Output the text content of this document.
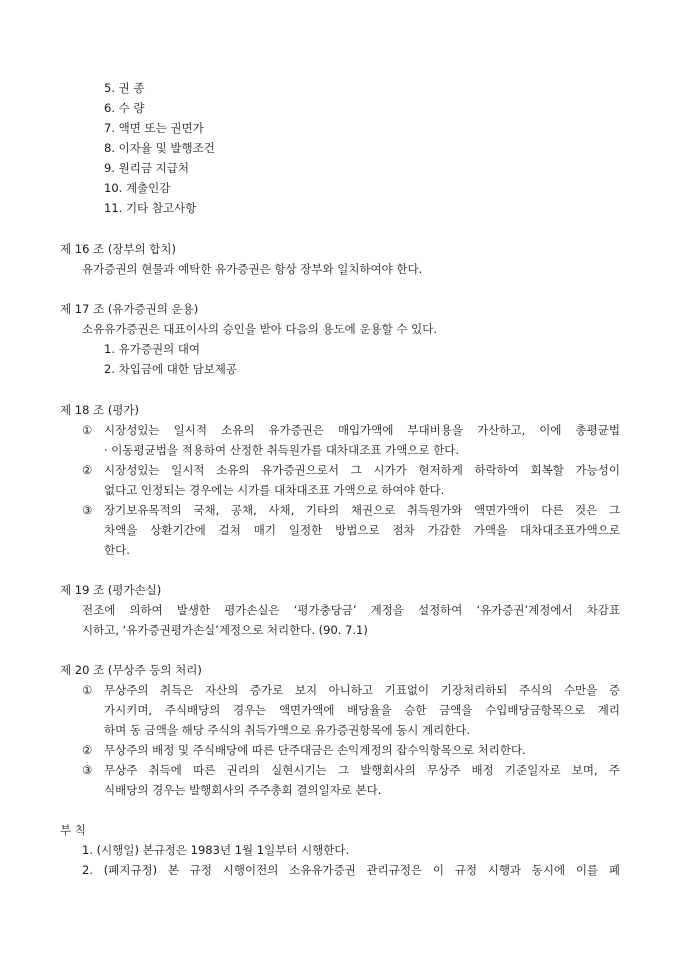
5. 권 종
6. 수 량
7. 액면 또는 권면가
8. 이자율 및 발행조건
9. 원리금 지급처
10. 계출인감
11. 기타 참고사항
제 16 조 (장부의 합치)
유가증권의 현물과 예탁한 유가증권은 항상 장부와 일치하여야 한다.
제 17 조 (유가증권의 운용)
소유유가증권은 대표이사의 승인을 받아 다음의 용도에 운용할 수 있다.
1. 유가증권의 대여
2. 차입금에 대한 담보제공
제 18 조 (평가)
① 시장성있는 일시적 소유의 유가증권은 매입가액에 부대비용을 가산하고, 이에 총평균법
· 이동평균법을 적용하여 산정한 취득원가를 대차대조표 가액으로 한다.
② 시장성있는 일시적 소유의 유가증권으로서 그 시가가 현저하게 하락하여 회복할 가능성이
없다고 인정되는 경우에는 시가를 대차대조표 가액으로 하여야 한다.
③ 장기보유목적의 국채, 공채, 사채, 기타의 채권으로 취득원가와 액면가액이 다른 것은 그
차액을 상환기간에 걸쳐 매기 일정한 방법으로 점차 가감한 가액을 대차대조표가액으로
한다.
제 19 조 (평가손실)
전조에 의하여 발생한 평가손실은 ‘평가충당금’ 계정을 설정하여 ‘유가증권’계정에서 차감표
시하고, ‘유가증권평가손실’계정으로 처리한다. (90. 7.1)
제 20 조 (무상주 등의 처리)
① 무상주의 취득은 자산의 증가로 보지 아니하고 기표없이 기장처리하되 주식의 수만을 증
가시키며, 주식배당의 경우는 액면가액에 배당율을 승한 금액을 수입배당금항목으로 계리
하며 동 금액을 해당 주식의 취득가액으로 유가증권항목에 동시 계리한다.
② 무상주의 배정 및 주식배당에 따른 단주대금은 손익계정의 잡수익항목으로 처리한다.
③ 무상주 취득에 따른 권리의 실현시기는 그 발행회사의 무상주 배정 기준일자로 보며, 주
식배당의 경우는 발행회사의 주주총회 결의일자로 본다.
부 칙
1. (시행일) 본규정은 1983년 1월 1일부터 시행한다.
2. (폐지규정) 본 규정 시행이전의 소유유가증권 관리규정은 이 규정 시행과 동시에 이를 폐
